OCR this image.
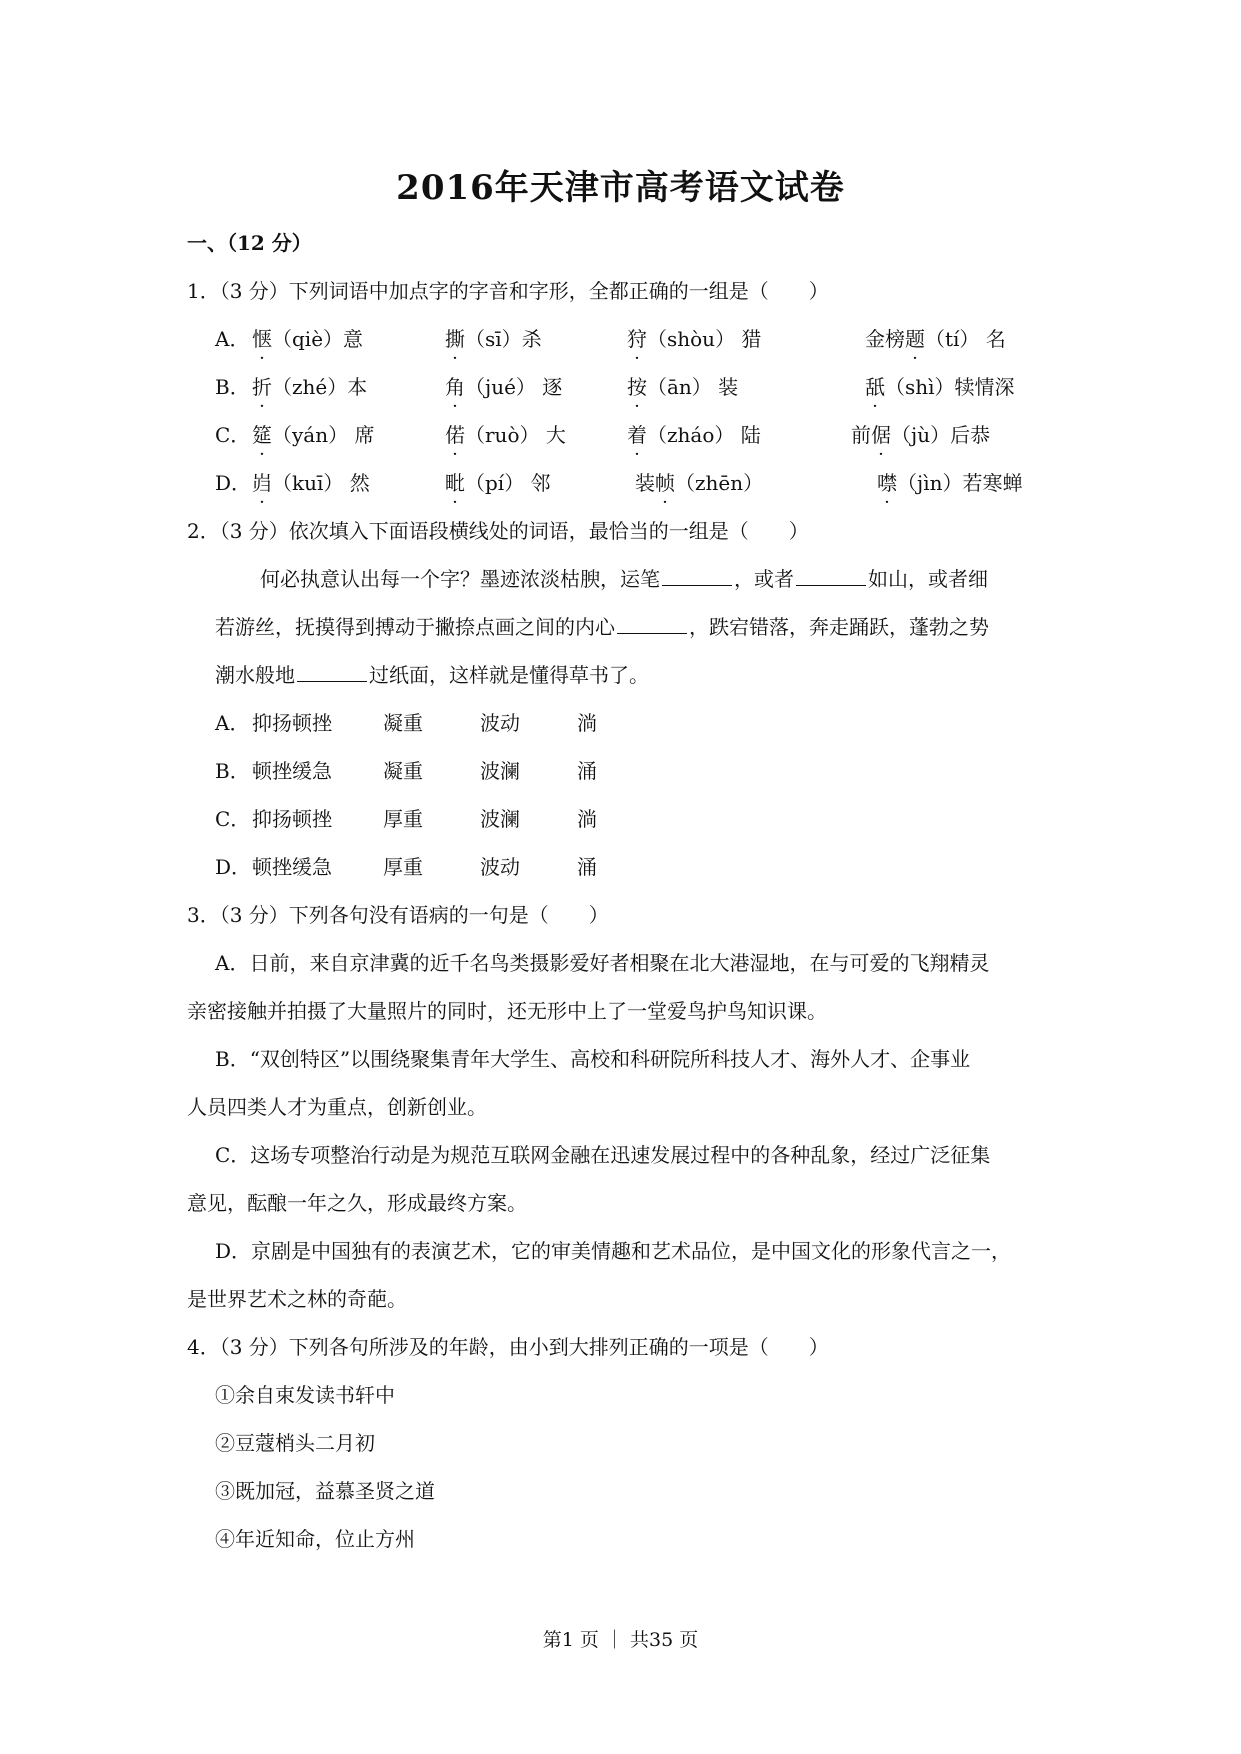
2016年天津市高考语文试卷
一、（12 分）
1．（3 分）下列词语中加点字的字音和字形，全都正确的一组是（　　）
A． 惬（qiè）意	撕（sī）杀	狩（shòu） 猎	金榜题（tí） 名
B． 折（zhé）本	角（jué） 逐	按（ān） 装	舐（shì）犊情深
C． 筵（yán） 席	偌（ruò） 大	着（zháo） 陆	前倨（jù）后恭
D． 岿（kuī） 然	毗（pí） 邻	装帧（zhēn）	噤（jìn）若寒蝉
2．（3 分）依次填入下面语段横线处的词语，最恰当的一组是（　　）
何必执意认出每一个字？墨迹浓淡枯腴，运笔	，或者	如山，或者细
若游丝，抚摸得到搏动于撇捺点画之间的内心	，跌宕错落，奔走踊跃，蓬勃之势
潮水般地	过纸面，这样就是懂得草书了。
A． 抑扬顿挫	凝重	波动	淌
B． 顿挫缓急	凝重	波澜	涌
C． 抑扬顿挫	厚重	波澜	淌
D． 顿挫缓急	厚重	波动	涌
3．（3 分）下列各句没有语病的一句是（　　）
A．日前，来自京津冀的近千名鸟类摄影爱好者相聚在北大港湿地，在与可爱的飞翔精灵
亲密接触并拍摄了大量照片的同时，还无形中上了一堂爱鸟护鸟知识课。
B．“双创特区”以围绕聚集青年大学生、高校和科研院所科技人才、海外人才、企事业
人员四类人才为重点，创新创业。
C．这场专项整治行动是为规范互联网金融在迅速发展过程中的各种乱象，经过广泛征集
意见，酝酿一年之久，形成最终方案。
D．京剧是中国独有的表演艺术，它的审美情趣和艺术品位，是中国文化的形象代言之一，
是世界艺术之林的奇葩。
4．（3 分）下列各句所涉及的年龄，由小到大排列正确的一项是（　　）
①余自束发读书轩中
②豆蔻梢头二月初
③既加冠，益慕圣贤之道
④年近知命，位止方州
第1 页 ｜ 共35 页
